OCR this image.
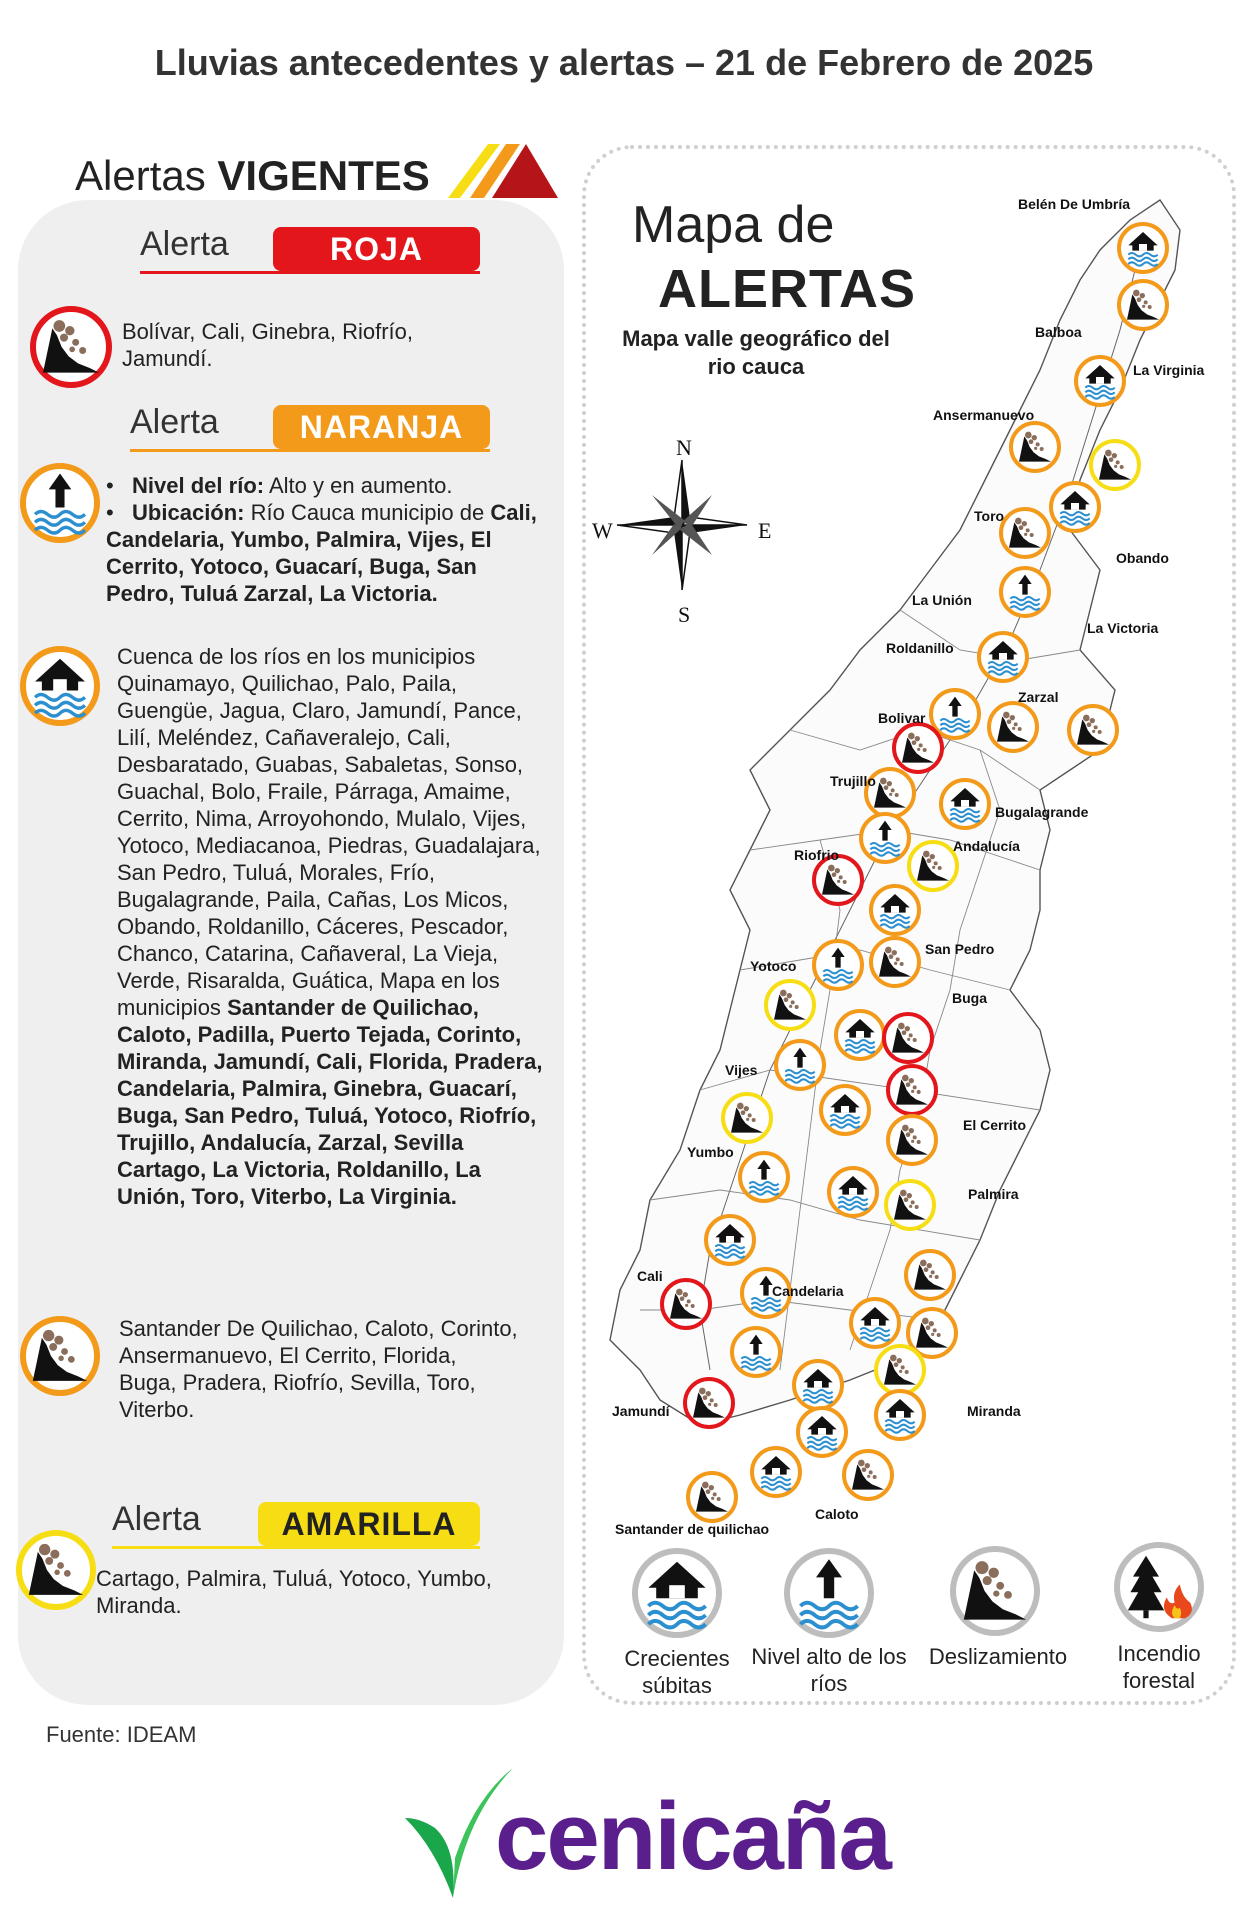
Lluvias antecedentes y alertas – 21 de Febrero de 2025
Alertas VIGENTES
Alerta	ROJA
Bolívar, Cali, Ginebra, Riofrío, Jamundí.
Alerta	NARANJA
•   Nivel del río: Alto y en aumento.
•   Ubicación: Río Cauca municipio de Cali, Candelaria, Yumbo, Palmira, Vijes, El Cerrito, Yotoco, Guacarí, Buga, San Pedro, Tuluá Zarzal, La Victoria.
Cuenca de los ríos en los municipios Quinamayo, Quilichao, Palo, Paila, Guengüe, Jagua, Claro, Jamundí, Pance, Lilí, Meléndez, Cañaveralejo, Cali, Desbaratado, Guabas, Sabaletas, Sonso, Guachal, Bolo, Fraile, Párraga, Amaime, Cerrito, Nima, Arroyohondo, Mulalo, Vijes, Yotoco, Mediacanoa, Piedras, Guadalajara, San Pedro, Tuluá, Morales, Frío, Bugalagrande, Paila, Cañas, Los Micos, Obando, Roldanillo, Cáceres, Pescador, Chanco, Catarina, Cañaveral, La Vieja, Verde, Risaralda, Guática, Mapa en los municipios Santander de Quilichao, Caloto, Padilla, Puerto Tejada, Corinto, Miranda, Jamundí, Cali, Florida, Pradera, Candelaria, Palmira, Ginebra, Guacarí, Buga, San Pedro, Tuluá, Yotoco, Riofrío, Trujillo, Andalucía, Zarzal, Sevilla Cartago, La Victoria, Roldanillo, La Unión, Toro, Viterbo, La Virginia.
Santander De Quilichao, Caloto, Corinto, Ansermanuevo, El Cerrito, Florida, Buga, Pradera, Riofrío, Sevilla, Toro, Viterbo.
Alerta	AMARILLA
Cartago, Palmira, Tuluá, Yotoco, Yumbo, Miranda.
Mapa de
ALERTAS
Mapa valle geográfico del rio cauca
N
S
E
W
Belén De Umbría
Balboa
La Virginia
Ansermanuevo
Toro
Obando
La Unión
La Victoria
Roldanillo
Zarzal
Bolivar
Trujillo
Bugalagrande
Riofrio
Andalucía
San Pedro
Yotoco
Buga
Vijes
El Cerrito
Yumbo
Palmira
Cali
Candelaria
Jamundí	Miranda
Caloto
Santander de quilichao
Crecientes súbitas
Nivel alto de los ríos
Deslizamiento	Incendio forestal
Fuente: IDEAM
cenicaña
